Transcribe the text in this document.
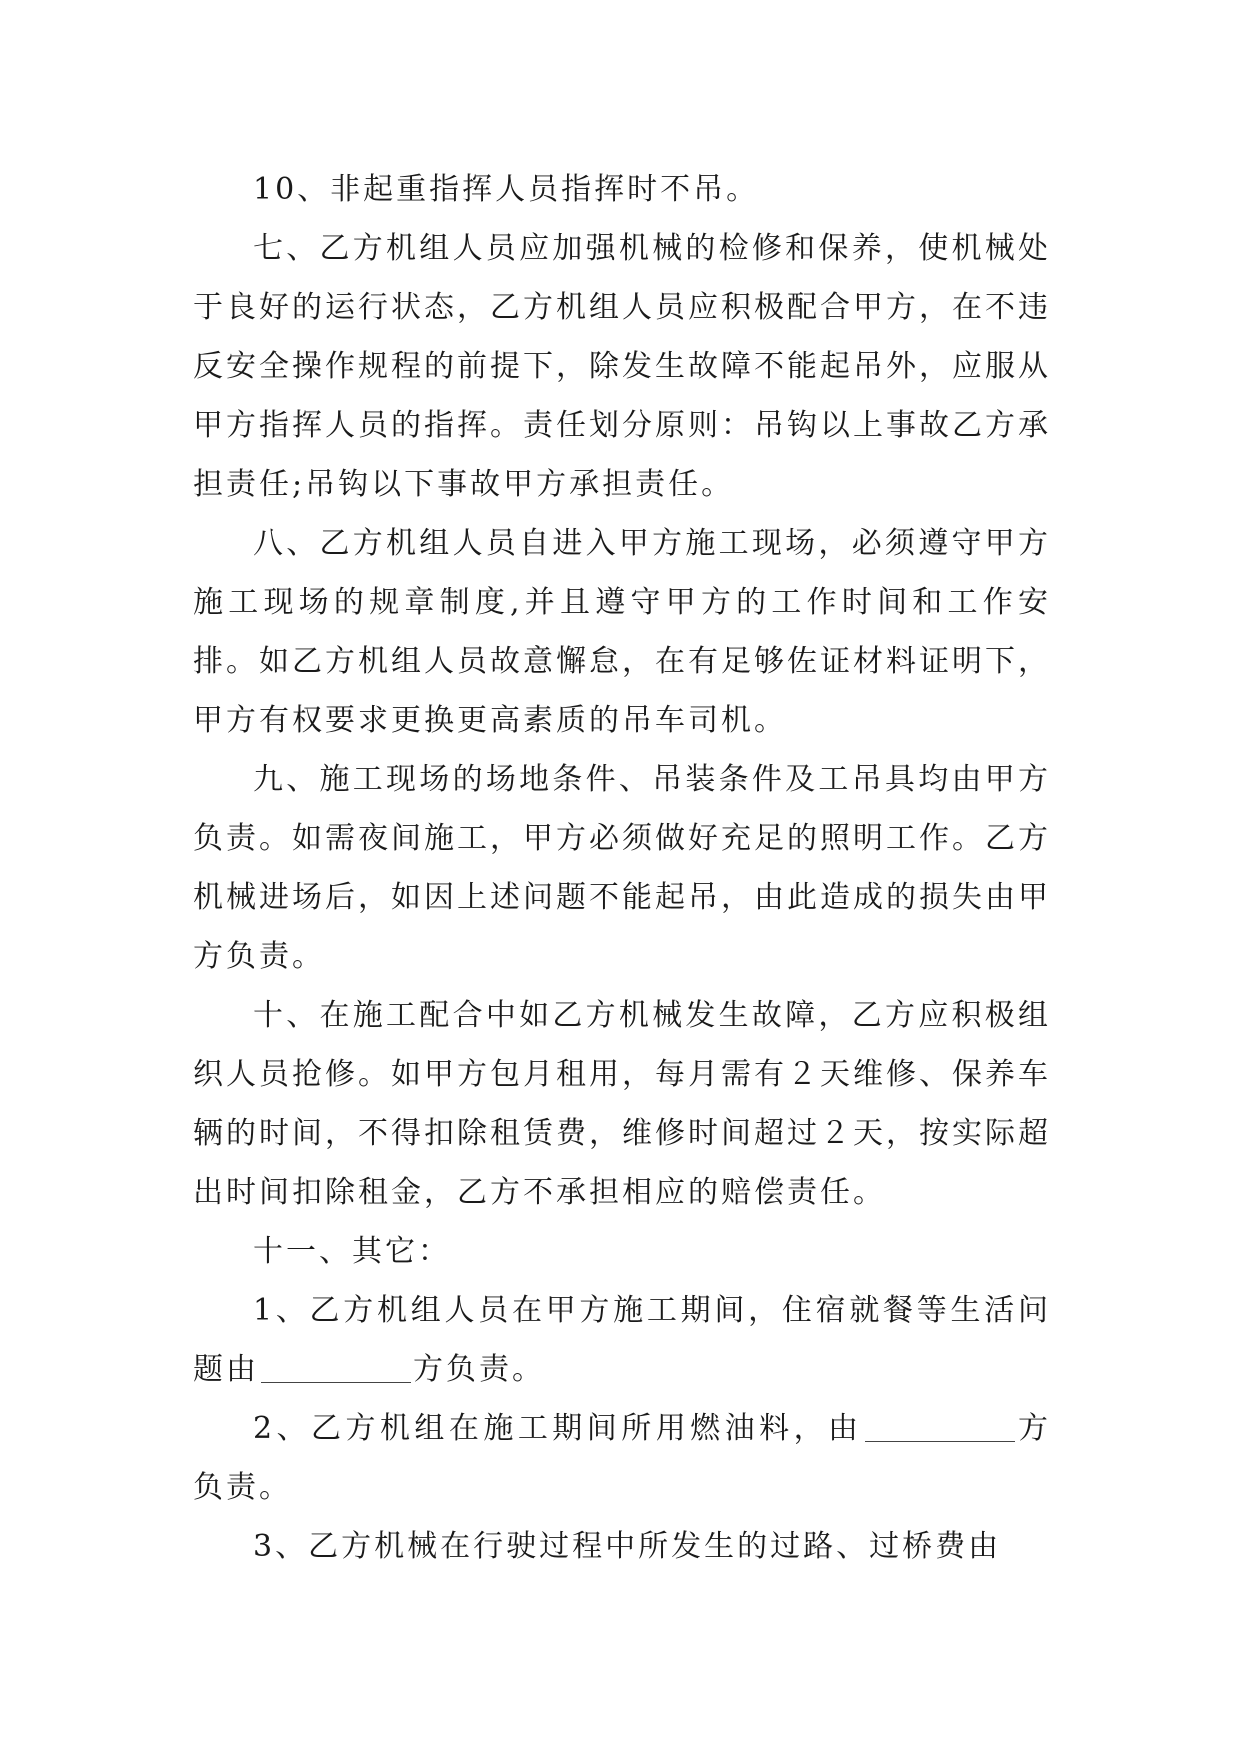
10、非起重指挥人员指挥时不吊。

七、乙方机组人员应加强机械的检修和保养，使机械处于良好的运行状态，乙方机组人员应积极配合甲方，在不违反安全操作规程的前提下，除发生故障不能起吊外，应服从甲方指挥人员的指挥。责任划分原则：吊钩以上事故乙方承担责任;吊钩以下事故甲方承担责任。

八、乙方机组人员自进入甲方施工现场，必须遵守甲方施工现场的规章制度,并且遵守甲方的工作时间和工作安排。如乙方机组人员故意懈怠，在有足够佐证材料证明下，甲方有权要求更换更高素质的吊车司机。

九、施工现场的场地条件、吊装条件及工吊具均由甲方负责。如需夜间施工，甲方必须做好充足的照明工作。乙方机械进场后，如因上述问题不能起吊，由此造成的损失由甲方负责。

十、在施工配合中如乙方机械发生故障，乙方应积极组织人员抢修。如甲方包月租用，每月需有２天维修、保养车辆的时间，不得扣除租赁费，维修时间超过２天，按实际超出时间扣除租金，乙方不承担相应的赔偿责任。

十一、其它：

1、乙方机组人员在甲方施工期间，住宿就餐等生活问题由	方负责。

2、乙方机组在施工期间所用燃油料，由	方负责。

3、乙方机械在行驶过程中所发生的过路、过桥费由
